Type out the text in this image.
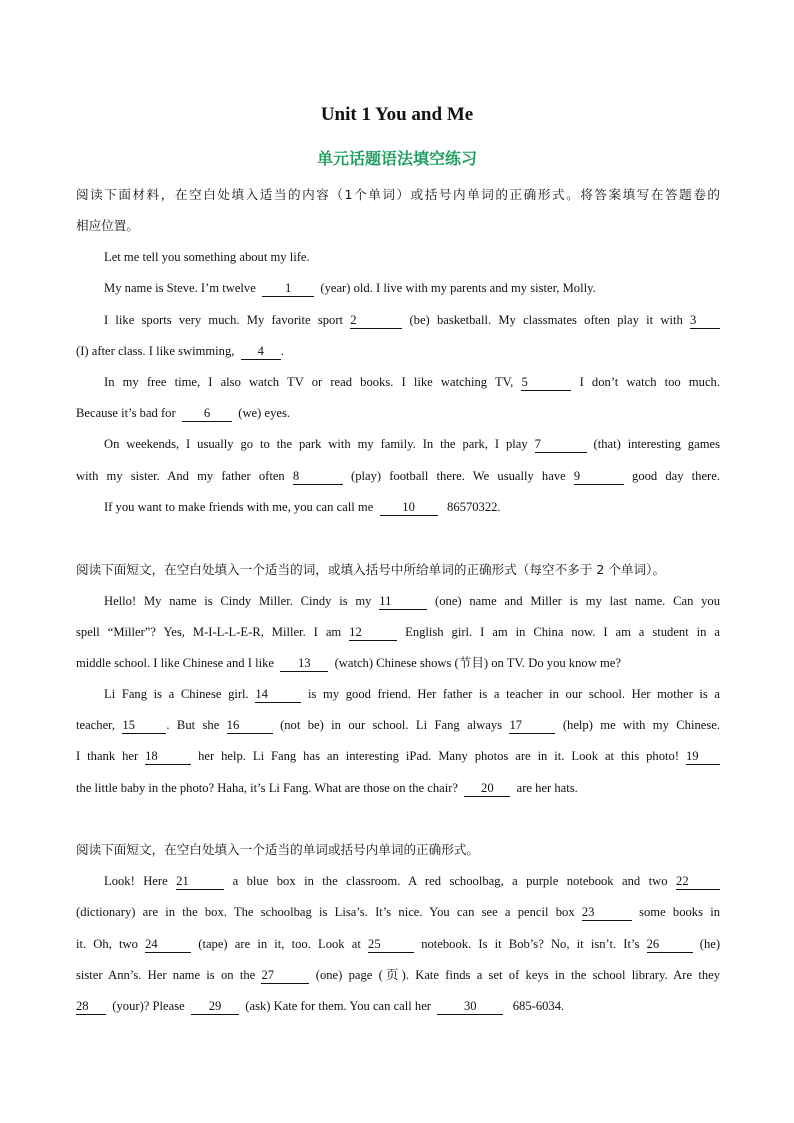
Unit 1 You and Me
单元话题语法填空练习
阅读下面材料，在空白处填入适当的内容（1个单词）或括号内单词的正确形式。将答案填写在答题卷的
相应位置。
Let me tell you something about my life.
My name is Steve. I’m twelve 1 (year) old. I live with my parents and my sister, Molly.
I like sports very much. My favorite sport 2	(be) basketball. My classmates often play it with 3
(I) after class. I like swimming, 4 .
In my free time, I also watch TV or read books. I like watching TV, 5	I don’t watch too much.
Because it’s bad for 6 (we) eyes.
On weekends, I usually go to the park with my family. In the park, I play 7	(that) interesting games
with my sister. And my father often 8	(play) football there. We usually have 9	good day there.
If you want to make friends with me, you can call me 10	86570322.
阅读下面短文，在空白处填入一个适当的词，或填入括号中所给单词的正确形式（每空不多于 2 个单词）。
Hello! My name is Cindy Miller. Cindy is my 11	(one) name and Miller is my last name. Can you
spell “Miller”? Yes, M-I-L-L-E-R, Miller. I am 12	English girl. I am in China now. I am a student in a
middle school. I like Chinese and I like 13 (watch) Chinese shows (节目) on TV. Do you know me?
Li Fang is a Chinese girl. 14	is my good friend. Her father is a teacher in our school. Her mother is a
teacher, 15 . But she 16	(not be) in our school. Li Fang always 17	(help) me with my Chinese.
I thank her 18	her help. Li Fang has an interesting iPad. Many photos are in it. Look at this photo! 19
the little baby in the photo? Haha, it’s Li Fang. What are those on the chair? 20 are her hats.
阅读下面短文，在空白处填入一个适当的单词或括号内单词的正确形式。
Look! Here 21	a blue box in the classroom. A red schoolbag, a purple notebook and two 22
(dictionary) are in the box. The schoolbag is Lisa’s. It’s nice. You can see a pencil box 23	some books in
it. Oh, two 24	(tape) are in it, too. Look at 25	notebook. Is it Bob’s? No, it isn’t. It’s 26	(he)
sister Ann’s. Her name is on the 27	(one) page (页). Kate finds a set of keys in the school library. Are they
28 (your)? Please 29 (ask) Kate for them. You can call her	30	685-6034.
